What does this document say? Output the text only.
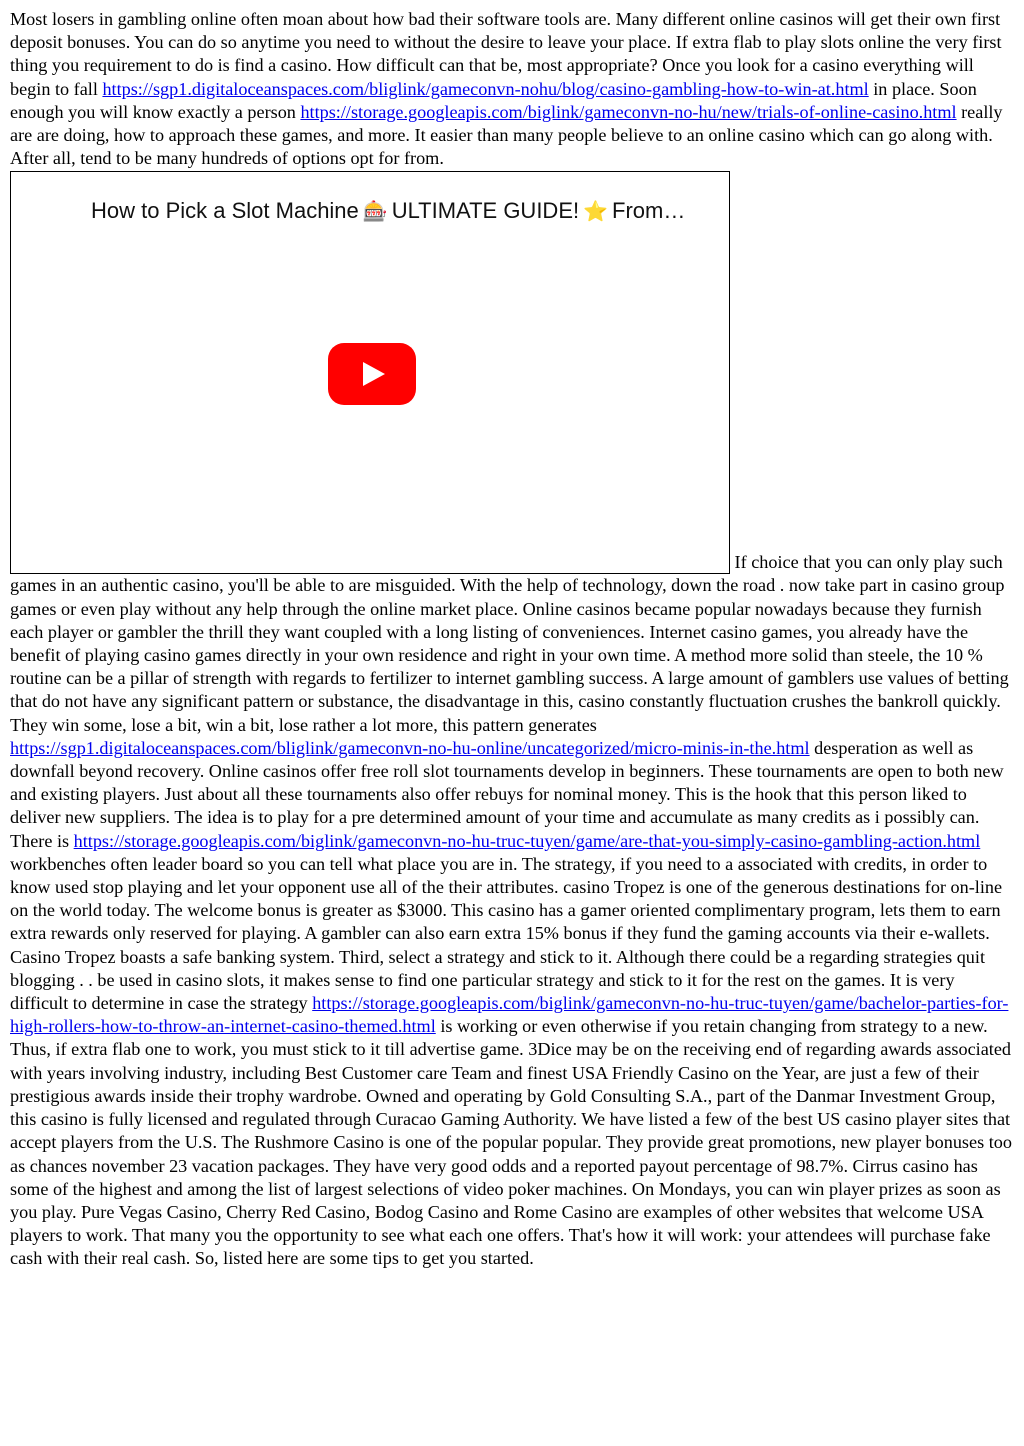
Most losers in gambling online often moan about how bad their software tools are. Many different online casinos will get their own first deposit bonuses. You can do so anytime you need to without the desire to leave your place. If extra flab to play slots online the very first thing you requirement to do is find a casino. How difficult can that be, most appropriate? Once you look for a casino everything will begin to fall https://sgp1.digitaloceanspaces.com/bliglink/gameconvn-nohu/blog/casino-gambling-how-to-win-at.html in place. Soon enough you will know exactly a person https://storage.googleapis.com/biglink/gameconvn-no-hu/new/trials-of-online-casino.html really are are doing, how to approach these games, and more. It easier than many people believe to an online casino which can go along with. After all, tend to be many hundreds of options opt for from.
How to Pick a Slot Machine 🎰 ULTIMATE GUIDE! ⭐ From…
If choice that you can only play such games in an authentic casino, you'll be able to are misguided. With the help of technology, down the road . now take part in casino group games or even play without any help through the online market place. Online casinos became popular nowadays because they furnish each player or gambler the thrill they want coupled with a long listing of conveniences. Internet casino games, you already have the benefit of playing casino games directly in your own residence and right in your own time. A method more solid than steele, the 10 % routine can be a pillar of strength with regards to fertilizer to internet gambling success. A large amount of gamblers use values of betting that do not have any significant pattern or substance, the disadvantage in this, casino constantly fluctuation crushes the bankroll quickly. They win some, lose a bit, win a bit, lose rather a lot more, this pattern generates https://sgp1.digitaloceanspaces.com/bliglink/gameconvn-no-hu-online/uncategorized/micro-minis-in-the.html desperation as well as downfall beyond recovery. Online casinos offer free roll slot tournaments develop in beginners. These tournaments are open to both new and existing players. Just about all these tournaments also offer rebuys for nominal money. This is the hook that this person liked to deliver new suppliers. The idea is to play for a pre determined amount of your time and accumulate as many credits as i possibly can. There is https://storage.googleapis.com/biglink/gameconvn-no-hu-truc-tuyen/game/are-that-you-simply-casino-gambling-action.html workbenches often leader board so you can tell what place you are in. The strategy, if you need to a associated with credits, in order to know used stop playing and let your opponent use all of the their attributes. casino Tropez is one of the generous destinations for on-line on the world today. The welcome bonus is greater as $3000. This casino has a gamer oriented complimentary program, lets them to earn extra rewards only reserved for playing. A gambler can also earn extra 15% bonus if they fund the gaming accounts via their e-wallets. Casino Tropez boasts a safe banking system. Third, select a strategy and stick to it. Although there could be a regarding strategies quit blogging . . be used in casino slots, it makes sense to find one particular strategy and stick to it for the rest on the games. It is very difficult to determine in case the strategy https://storage.googleapis.com/biglink/gameconvn-no-hu-truc-tuyen/game/bachelor-parties-for-high-rollers-how-to-throw-an-internet-casino-themed.html is working or even otherwise if you retain changing from strategy to a new. Thus, if extra flab one to work, you must stick to it till advertise game. 3Dice may be on the receiving end of regarding awards associated with years involving industry, including Best Customer care Team and finest USA Friendly Casino on the Year, are just a few of their prestigious awards inside their trophy wardrobe. Owned and operating by Gold Consulting S.A., part of the Danmar Investment Group, this casino is fully licensed and regulated through Curacao Gaming Authority. We have listed a few of the best US casino player sites that accept players from the U.S. The Rushmore Casino is one of the popular popular. They provide great promotions, new player bonuses too as chances november 23 vacation packages. They have very good odds and a reported payout percentage of 98.7%. Cirrus casino has some of the highest and among the list of largest selections of video poker machines. On Mondays, you can win player prizes as soon as you play. Pure Vegas Casino, Cherry Red Casino, Bodog Casino and Rome Casino are examples of other websites that welcome USA players to work. That many you the opportunity to see what each one offers. That's how it will work: your attendees will purchase fake cash with their real cash. So, listed here are some tips to get you started.
